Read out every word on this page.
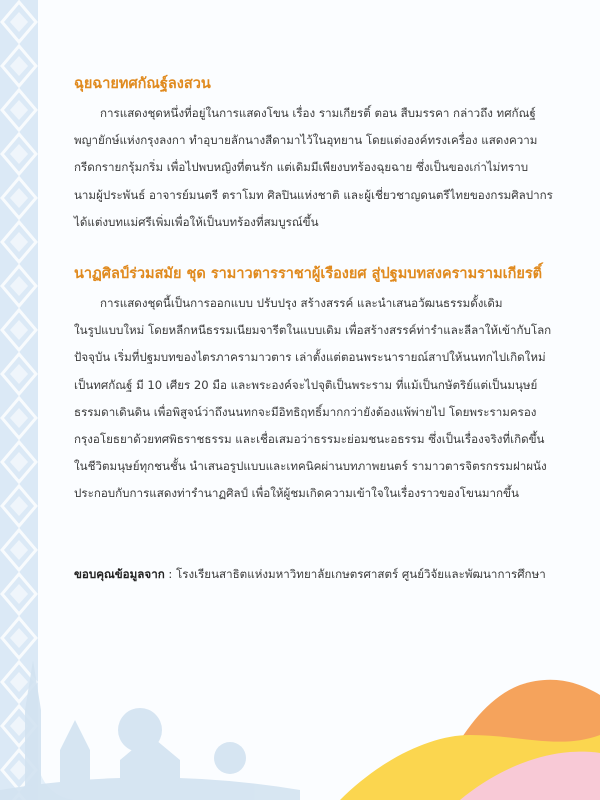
ฉุยฉายทศกัณฐ์ลงสวน

การแสดงชุดหนึ่งที่อยู่ในการแสดงโขน เรื่อง รามเกียรติ์ ตอน สืบมรรคา กล่าวถึง ทศกัณฐ์
พญายักษ์แห่งกรุงลงกา ทำอุบายลักนางสีดามาไว้ในอุทยาน โดยแต่งองค์ทรงเครื่อง แสดงความ
กรีดกรายกรุ้มกริ่ม เพื่อไปพบหญิงที่ตนรัก แต่เดิมมีเพียงบทร้องฉุยฉาย ซึ่งเป็นของเก่าไม่ทราบ
นามผู้ประพันธ์ อาจารย์มนตรี ตราโมท ศิลปินแห่งชาติ และผู้เชี่ยวชาญดนตรีไทยของกรมศิลปากร
ได้แต่งบทแม่ศรีเพิ่มเพื่อให้เป็นบทร้องที่สมบูรณ์ขึ้น

นาฏศิลป์ร่วมสมัย ชุด รามาวตารราชาผู้เรืองยศ สู่ปฐมบทสงครามรามเกียรติ์

การแสดงชุดนี้เป็นการออกแบบ ปรับปรุง สร้างสรรค์ และนำเสนอวัฒนธรรมดั้งเดิม
ในรูปแบบใหม่ โดยหลีกหนีธรรมเนียมจารีตในแบบเดิม เพื่อสร้างสรรค์ท่ารำและลีลาให้เข้ากับโลก
ปัจจุบัน เริ่มที่ปฐมบทของไตรภาครามาวตาร เล่าตั้งแต่ตอนพระนารายณ์สาปให้นนทกไปเกิดใหม่
เป็นทศกัณฐ์ มี 10 เศียร 20 มือ และพระองค์จะไปจุติเป็นพระราม ที่แม้เป็นกษัตริย์แต่เป็นมนุษย์
ธรรมดาเดินดิน เพื่อพิสูจน์ว่าถึงนนทกจะมีอิทธิฤทธิ์มากกว่ายังต้องแพ้พ่ายไป โดยพระรามครอง
กรุงอโยธยาด้วยทศพิธราชธรรม และเชื่อเสมอว่าธรรมะย่อมชนะอธรรม ซึ่งเป็นเรื่องจริงที่เกิดขึ้น
ในชีวิตมนุษย์ทุกชนชั้น นำเสนอรูปแบบและเทคนิคผ่านบทภาพยนตร์ รามาวตารจิตรกรรมฝาผนัง
ประกอบกับการแสดงท่ารำนาฏศิลป์ เพื่อให้ผู้ชมเกิดความเข้าใจในเรื่องราวของโขนมากขึ้น

ขอบคุณข้อมูลจาก : โรงเรียนสาธิตแห่งมหาวิทยาลัยเกษตรศาสตร์ ศูนย์วิจัยและพัฒนาการศึกษา
